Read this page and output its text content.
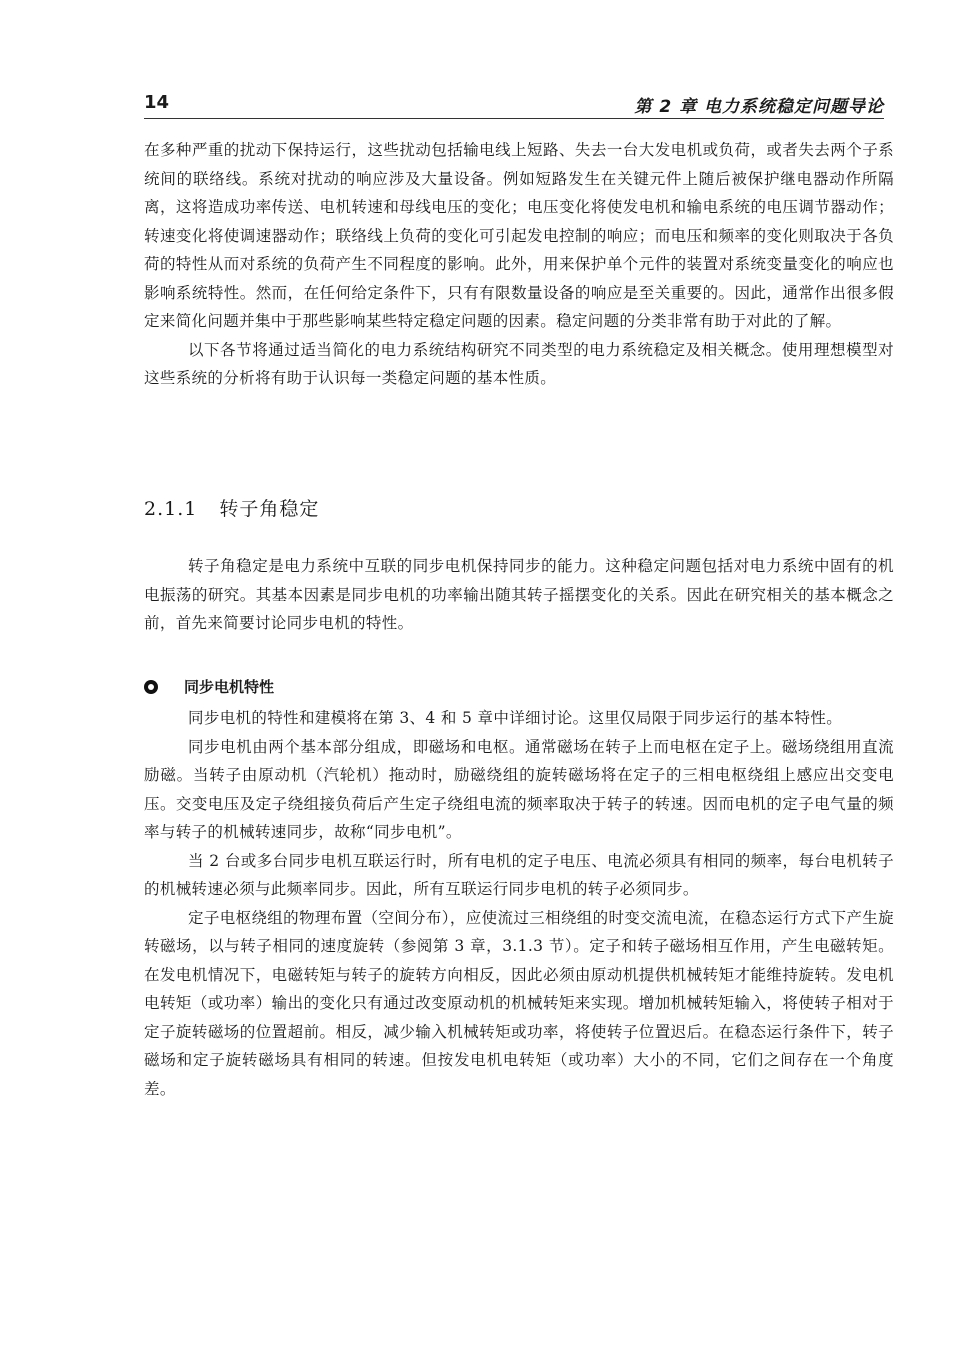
14	第 2 章 电力系统稳定问题导论

在多种严重的扰动下保持运行，这些扰动包括输电线上短路、失去一台大发电机或负荷，或者失去两个子系统间的联络线。系统对扰动的响应涉及大量设备。例如短路发生在关键元件上随后被保护继电器动作所隔离，这将造成功率传送、电机转速和母线电压的变化；电压变化将使发电机和输电系统的电压调节器动作；转速变化将使调速器动作；联络线上负荷的变化可引起发电控制的响应；而电压和频率的变化则取决于各负荷的特性从而对系统的负荷产生不同程度的影响。此外，用来保护单个元件的装置对系统变量变化的响应也影响系统特性。然而，在任何给定条件下，只有有限数量设备的响应是至关重要的。因此，通常作出很多假定来简化问题并集中于那些影响某些特定稳定问题的因素。稳定问题的分类非常有助于对此的了解。

以下各节将通过适当简化的电力系统结构研究不同类型的电力系统稳定及相关概念。使用理想模型对这些系统的分析将有助于认识每一类稳定问题的基本性质。

2.1.1 转子角稳定

转子角稳定是电力系统中互联的同步电机保持同步的能力。这种稳定问题包括对电力系统中固有的机电振荡的研究。其基本因素是同步电机的功率输出随其转子摇摆变化的关系。因此在研究相关的基本概念之前，首先来简要讨论同步电机的特性。

同步电机特性

同步电机的特性和建模将在第 3、4 和 5 章中详细讨论。这里仅局限于同步运行的基本特性。

同步电机由两个基本部分组成，即磁场和电枢。通常磁场在转子上而电枢在定子上。磁场绕组用直流励磁。当转子由原动机（汽轮机）拖动时，励磁绕组的旋转磁场将在定子的三相电枢绕组上感应出交变电压。交变电压及定子绕组接负荷后产生定子绕组电流的频率取决于转子的转速。因而电机的定子电气量的频率与转子的机械转速同步，故称“同步电机”。

当 2 台或多台同步电机互联运行时，所有电机的定子电压、电流必须具有相同的频率，每台电机转子的机械转速必须与此频率同步。因此，所有互联运行同步电机的转子必须同步。

定子电枢绕组的物理布置（空间分布），应使流过三相绕组的时变交流电流，在稳态运行方式下产生旋转磁场，以与转子相同的速度旋转（参阅第 3 章，3.1.3 节）。定子和转子磁场相互作用，产生电磁转矩。在发电机情况下，电磁转矩与转子的旋转方向相反，因此必须由原动机提供机械转矩才能维持旋转。发电机电转矩（或功率）输出的变化只有通过改变原动机的机械转矩来实现。增加机械转矩输入，将使转子相对于定子旋转磁场的位置超前。相反，减少输入机械转矩或功率，将使转子位置迟后。在稳态运行条件下，转子磁场和定子旋转磁场具有相同的转速。但按发电机电转矩（或功率）大小的不同，它们之间存在一个角度差。
